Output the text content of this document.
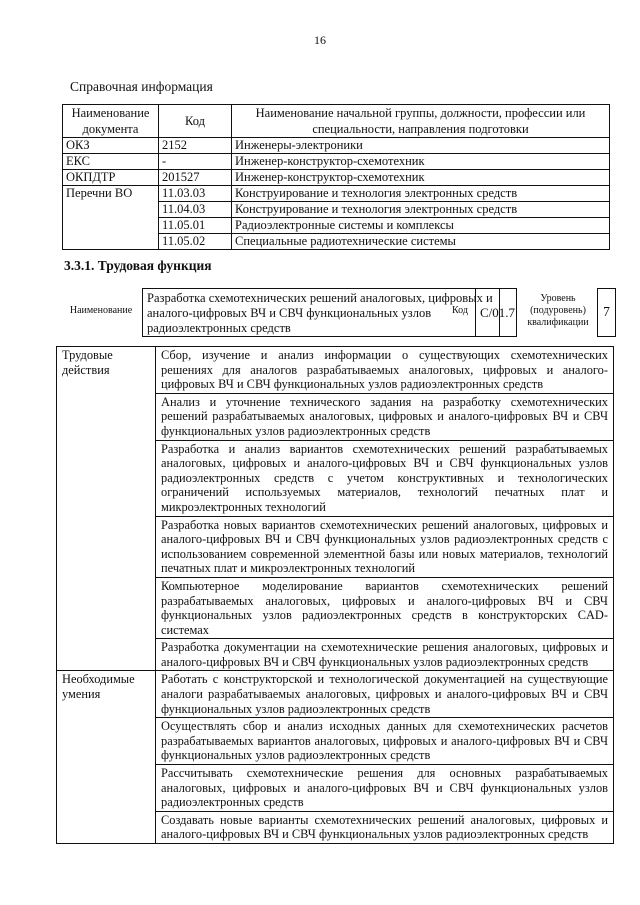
16
Справочная информация
Наименование документа	Код	Наименование начальной группы, должности, профессии или специальности, направления подготовки
ОКЗ	2152	Инженеры-электроники
ЕКС	-	Инженер-конструктор-схемотехник
ОКПДТР	201527	Инженер-конструктор-схемотехник
Перечни ВО	11.03.03	Конструирование и технология электронных средств
	11.04.03	Конструирование и технология электронных средств
	11.05.01	Радиоэлектронные системы и комплексы
	11.05.02	Специальные радиотехнические системы
3.3.1. Трудовая функция
Наименование
Разработка схемотехнических решений аналоговых, цифровых и аналого-цифровых ВЧ и СВЧ функциональных узлов радиоэлектронных средств
Код C/01.7
Уровень (подуровень) квалификации
7
Трудовые действия	Сбор, изучение и анализ информации о существующих схемотехнических решениях для аналогов разрабатываемых аналоговых, цифровых и аналого-цифровых ВЧ и СВЧ функциональных узлов радиоэлектронных средств
	Анализ и уточнение технического задания на разработку схемотехнических решений разрабатываемых аналоговых, цифровых и аналого-цифровых ВЧ и СВЧ функциональных узлов радиоэлектронных средств
	Разработка и анализ вариантов схемотехнических решений разрабатываемых аналоговых, цифровых и аналого-цифровых ВЧ и СВЧ функциональных узлов радиоэлектронных средств с учетом конструктивных и технологических ограничений используемых материалов, технологий печатных плат и микроэлектронных технологий
	Разработка новых вариантов схемотехнических решений аналоговых, цифровых и аналого-цифровых ВЧ и СВЧ функциональных узлов радиоэлектронных средств с использованием современной элементной базы или новых материалов, технологий печатных плат и микроэлектронных технологий
	Компьютерное моделирование вариантов схемотехнических решений разрабатываемых аналоговых, цифровых и аналого-цифровых ВЧ и СВЧ функциональных узлов радиоэлектронных средств в конструкторских CAD-системах
	Разработка документации на схемотехнические решения аналоговых, цифровых и аналого-цифровых ВЧ и СВЧ функциональных узлов радиоэлектронных средств
Необходимые умения	Работать с конструкторской и технологической документацией на существующие аналоги разрабатываемых аналоговых, цифровых и аналого-цифровых ВЧ и СВЧ функциональных узлов радиоэлектронных средств
	Осуществлять сбор и анализ исходных данных для схемотехнических расчетов разрабатываемых вариантов аналоговых, цифровых и аналого-цифровых ВЧ и СВЧ функциональных узлов радиоэлектронных средств
	Рассчитывать схемотехнические решения для основных разрабатываемых аналоговых, цифровых и аналого-цифровых ВЧ и СВЧ функциональных узлов радиоэлектронных средств
	Создавать новые варианты схемотехнических решений аналоговых, цифровых и аналого-цифровых ВЧ и СВЧ функциональных узлов радиоэлектронных средств
